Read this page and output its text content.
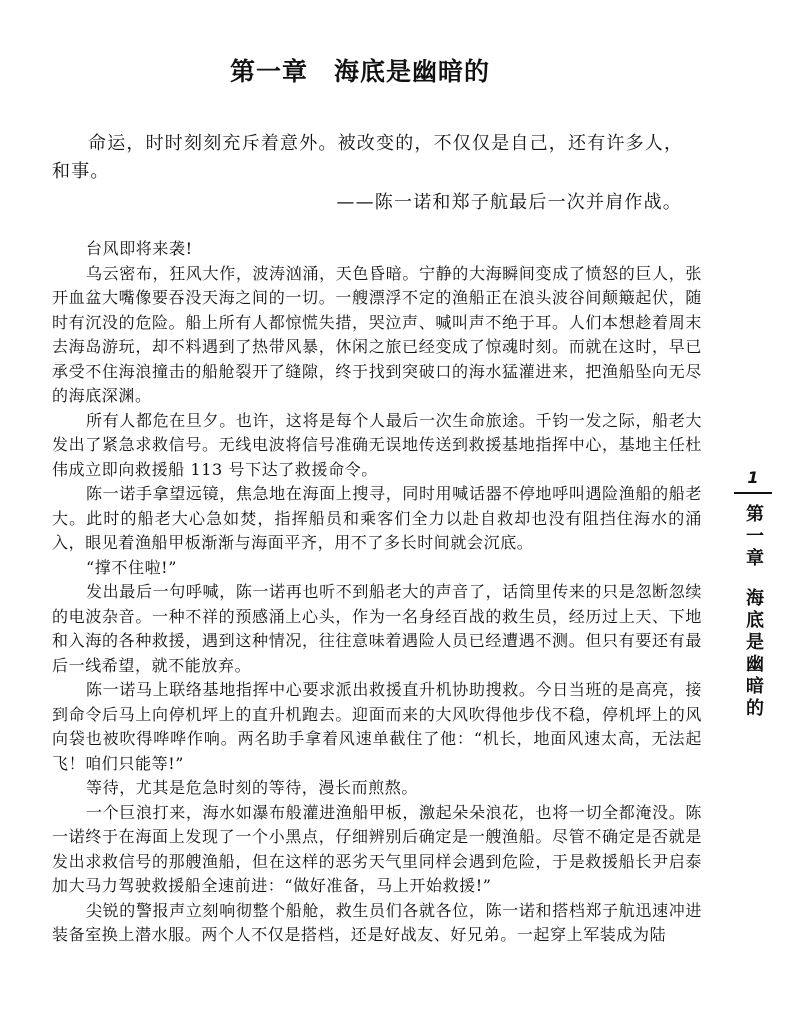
第一章 海底是幽暗的

命运，时时刻刻充斥着意外。被改变的，不仅仅是自己，还有许多人，和事。

——陈一诺和郑子航最后一次并肩作战。

台风即将来袭!

乌云密布，狂风大作，波涛汹涌，天色昏暗。宁静的大海瞬间变成了愤怒的巨人，张开血盆大嘴像要吞没天海之间的一切。一艘漂浮不定的渔船正在浪头波谷间颠簸起伏，随时有沉没的危险。船上所有人都惊慌失措，哭泣声、喊叫声不绝于耳。人们本想趁着周末去海岛游玩，却不料遇到了热带风暴，休闲之旅已经变成了惊魂时刻。而就在这时，早已承受不住海浪撞击的船舱裂开了缝隙，终于找到突破口的海水猛灌进来，把渔船坠向无尽的海底深渊。

所有人都危在旦夕。也许，这将是每个人最后一次生命旅途。千钧一发之际，船老大发出了紧急求救信号。无线电波将信号准确无误地传送到救援基地指挥中心，基地主任杜伟成立即向救援船 113 号下达了救援命令。

陈一诺手拿望远镜，焦急地在海面上搜寻，同时用喊话器不停地呼叫遇险渔船的船老大。此时的船老大心急如焚，指挥船员和乘客们全力以赴自救却也没有阻挡住海水的涌入，眼见着渔船甲板渐渐与海面平齐，用不了多长时间就会沉底。

“撑不住啦!”

发出最后一句呼喊，陈一诺再也听不到船老大的声音了，话筒里传来的只是忽断忽续的电波杂音。一种不祥的预感涌上心头，作为一名身经百战的救生员，经历过上天、下地和入海的各种救援，遇到这种情况，往往意味着遇险人员已经遭遇不测。但只有要还有最后一线希望，就不能放弃。

陈一诺马上联络基地指挥中心要求派出救援直升机协助搜救。今日当班的是高亮，接到命令后马上向停机坪上的直升机跑去。迎面而来的大风吹得他步伐不稳，停机坪上的风向袋也被吹得哗哗作响。两名助手拿着风速单截住了他：“机长，地面风速太高，无法起飞！咱们只能等!”

等待，尤其是危急时刻的等待，漫长而煎熬。

一个巨浪打来，海水如瀑布般灌进渔船甲板，激起朵朵浪花，也将一切全都淹没。陈一诺终于在海面上发现了一个小黑点，仔细辨别后确定是一艘渔船。尽管不确定是否就是发出求救信号的那艘渔船，但在这样的恶劣天气里同样会遇到危险，于是救援船长尹启泰加大马力驾驶救援船全速前进：“做好准备，马上开始救援!”

尖锐的警报声立刻响彻整个船舱，救生员们各就各位，陈一诺和搭档郑子航迅速冲进装备室换上潜水服。两个人不仅是搭档，还是好战友、好兄弟。一起穿上军装成为陆

1

第一章海底是幽暗的
